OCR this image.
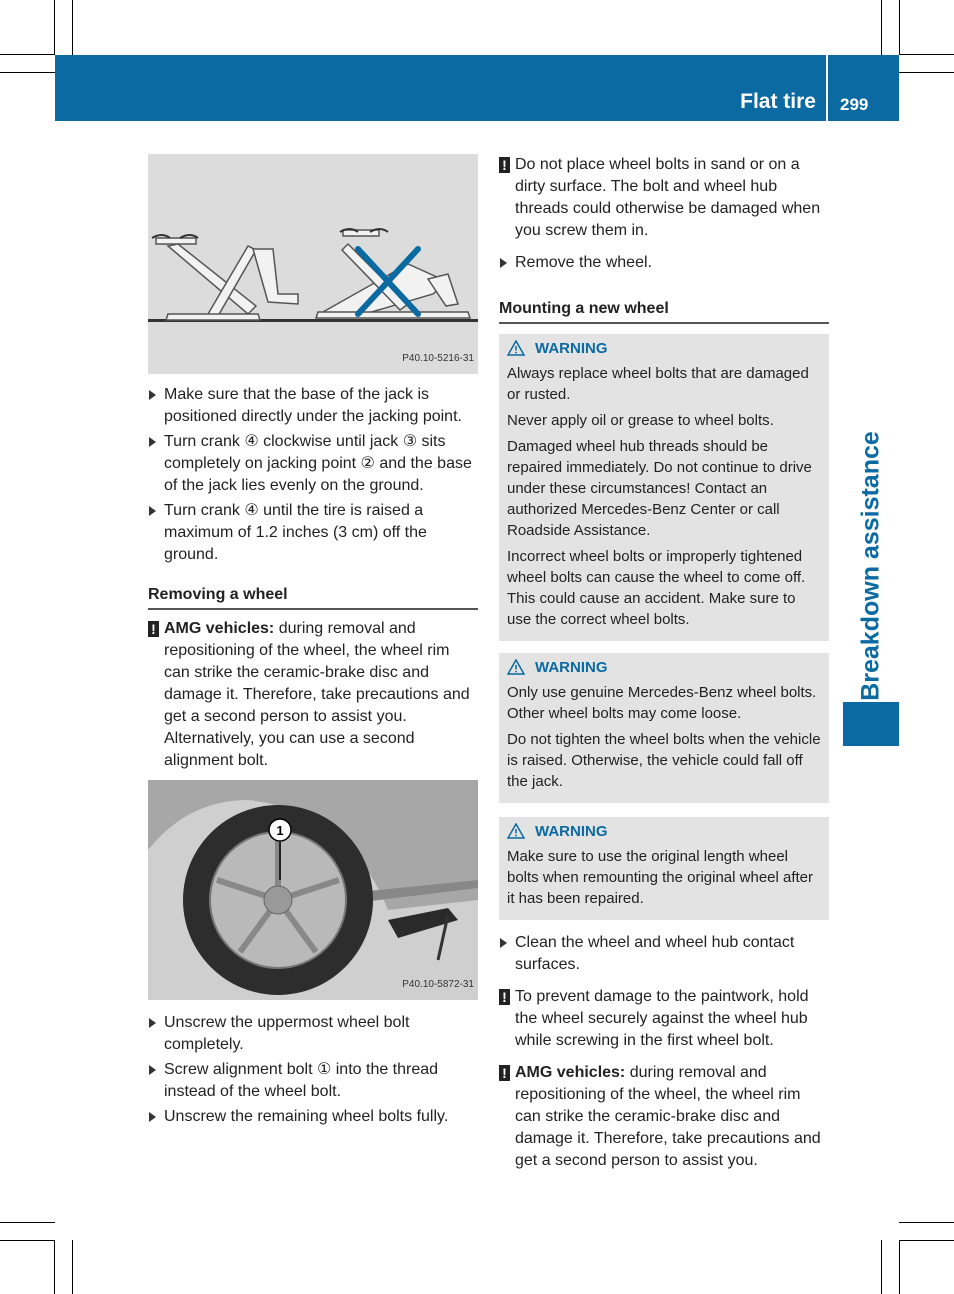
Flat tire 299
Breakdown assistance
P40.10-5216-31
Make sure that the base of the jack is positioned directly under the jacking point.
Turn crank ④ clockwise until jack ③ sits completely on jacking point ② and the base of the jack lies evenly on the ground.
Turn crank ④ until the tire is raised a maximum of 1.2 inches (3 cm) off the ground.
Removing a wheel
! AMG vehicles: during removal and repositioning of the wheel, the wheel rim can strike the ceramic-brake disc and damage it. Therefore, take precautions and get a second person to assist you. Alternatively, you can use a second alignment bolt.
1
P40.10-5872-31
Unscrew the uppermost wheel bolt completely.
Screw alignment bolt ① into the thread instead of the wheel bolt.
Unscrew the remaining wheel bolts fully.
! Do not place wheel bolts in sand or on a dirty surface. The bolt and wheel hub threads could otherwise be damaged when you screw them in.
Remove the wheel.
Mounting a new wheel
WARNING

Always replace wheel bolts that are damaged or rusted.

Never apply oil or grease to wheel bolts.

Damaged wheel hub threads should be repaired immediately. Do not continue to drive under these circumstances! Contact an authorized Mercedes-Benz Center or call Roadside Assistance.

Incorrect wheel bolts or improperly tightened wheel bolts can cause the wheel to come off. This could cause an accident. Make sure to use the correct wheel bolts.

WARNING

Only use genuine Mercedes-Benz wheel bolts. Other wheel bolts may come loose.

Do not tighten the wheel bolts when the vehicle is raised. Otherwise, the vehicle could fall off the jack.

WARNING

Make sure to use the original length wheel bolts when remounting the original wheel after it has been repaired.

Clean the wheel and wheel hub contact surfaces.
! To prevent damage to the paintwork, hold the wheel securely against the wheel hub while screwing in the first wheel bolt.
! AMG vehicles: during removal and repositioning of the wheel, the wheel rim can strike the ceramic-brake disc and damage it. Therefore, take precautions and get a second person to assist you.
